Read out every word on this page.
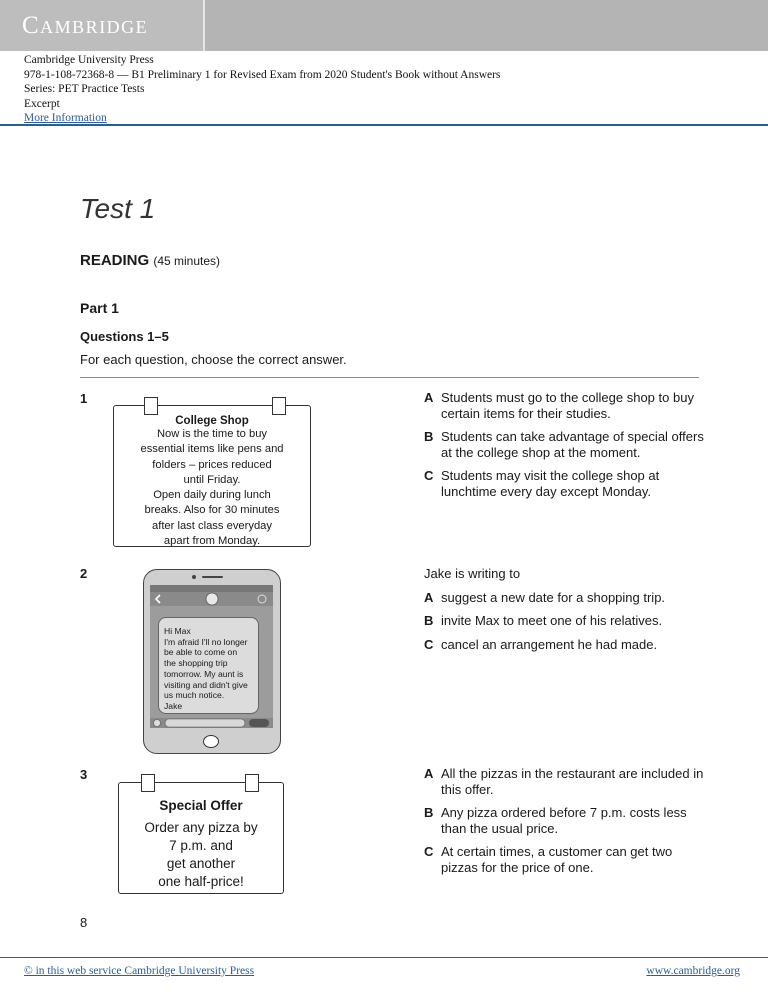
Cambridge
Cambridge University Press
978-1-108-72368-8 — B1 Preliminary 1 for Revised Exam from 2020 Student's Book without Answers
Series: PET Practice Tests
Excerpt
More Information
Test 1
READING (45 minutes)
Part 1
Questions 1–5
For each question, choose the correct answer.
1
College Shop
Now is the time to buy
essential items like pens and
folders – prices reduced
until Friday.
Open daily during lunch
breaks. Also for 30 minutes
after last class everyday
apart from Monday.
A Students must go to the college shop to buy certain items for their studies.
B Students can take advantage of special offers at the college shop at the moment.
C Students may visit the college shop at lunchtime every day except Monday.
2
Hi Max
I'm afraid I'll no longer
be able to come on
the shopping trip
tomorrow. My aunt is
visiting and didn't give
us much notice.
Jake
Jake is writing to
A suggest a new date for a shopping trip.
B invite Max to meet one of his relatives.
C cancel an arrangement he had made.
3
Special Offer
Order any pizza by
7 p.m. and
get another
one half-price!
A All the pizzas in the restaurant are included in this offer.
B Any pizza ordered before 7 p.m. costs less than the usual price.
C At certain times, a customer can get two pizzas for the price of one.
8
© in this web service Cambridge University Press	www.cambridge.org
